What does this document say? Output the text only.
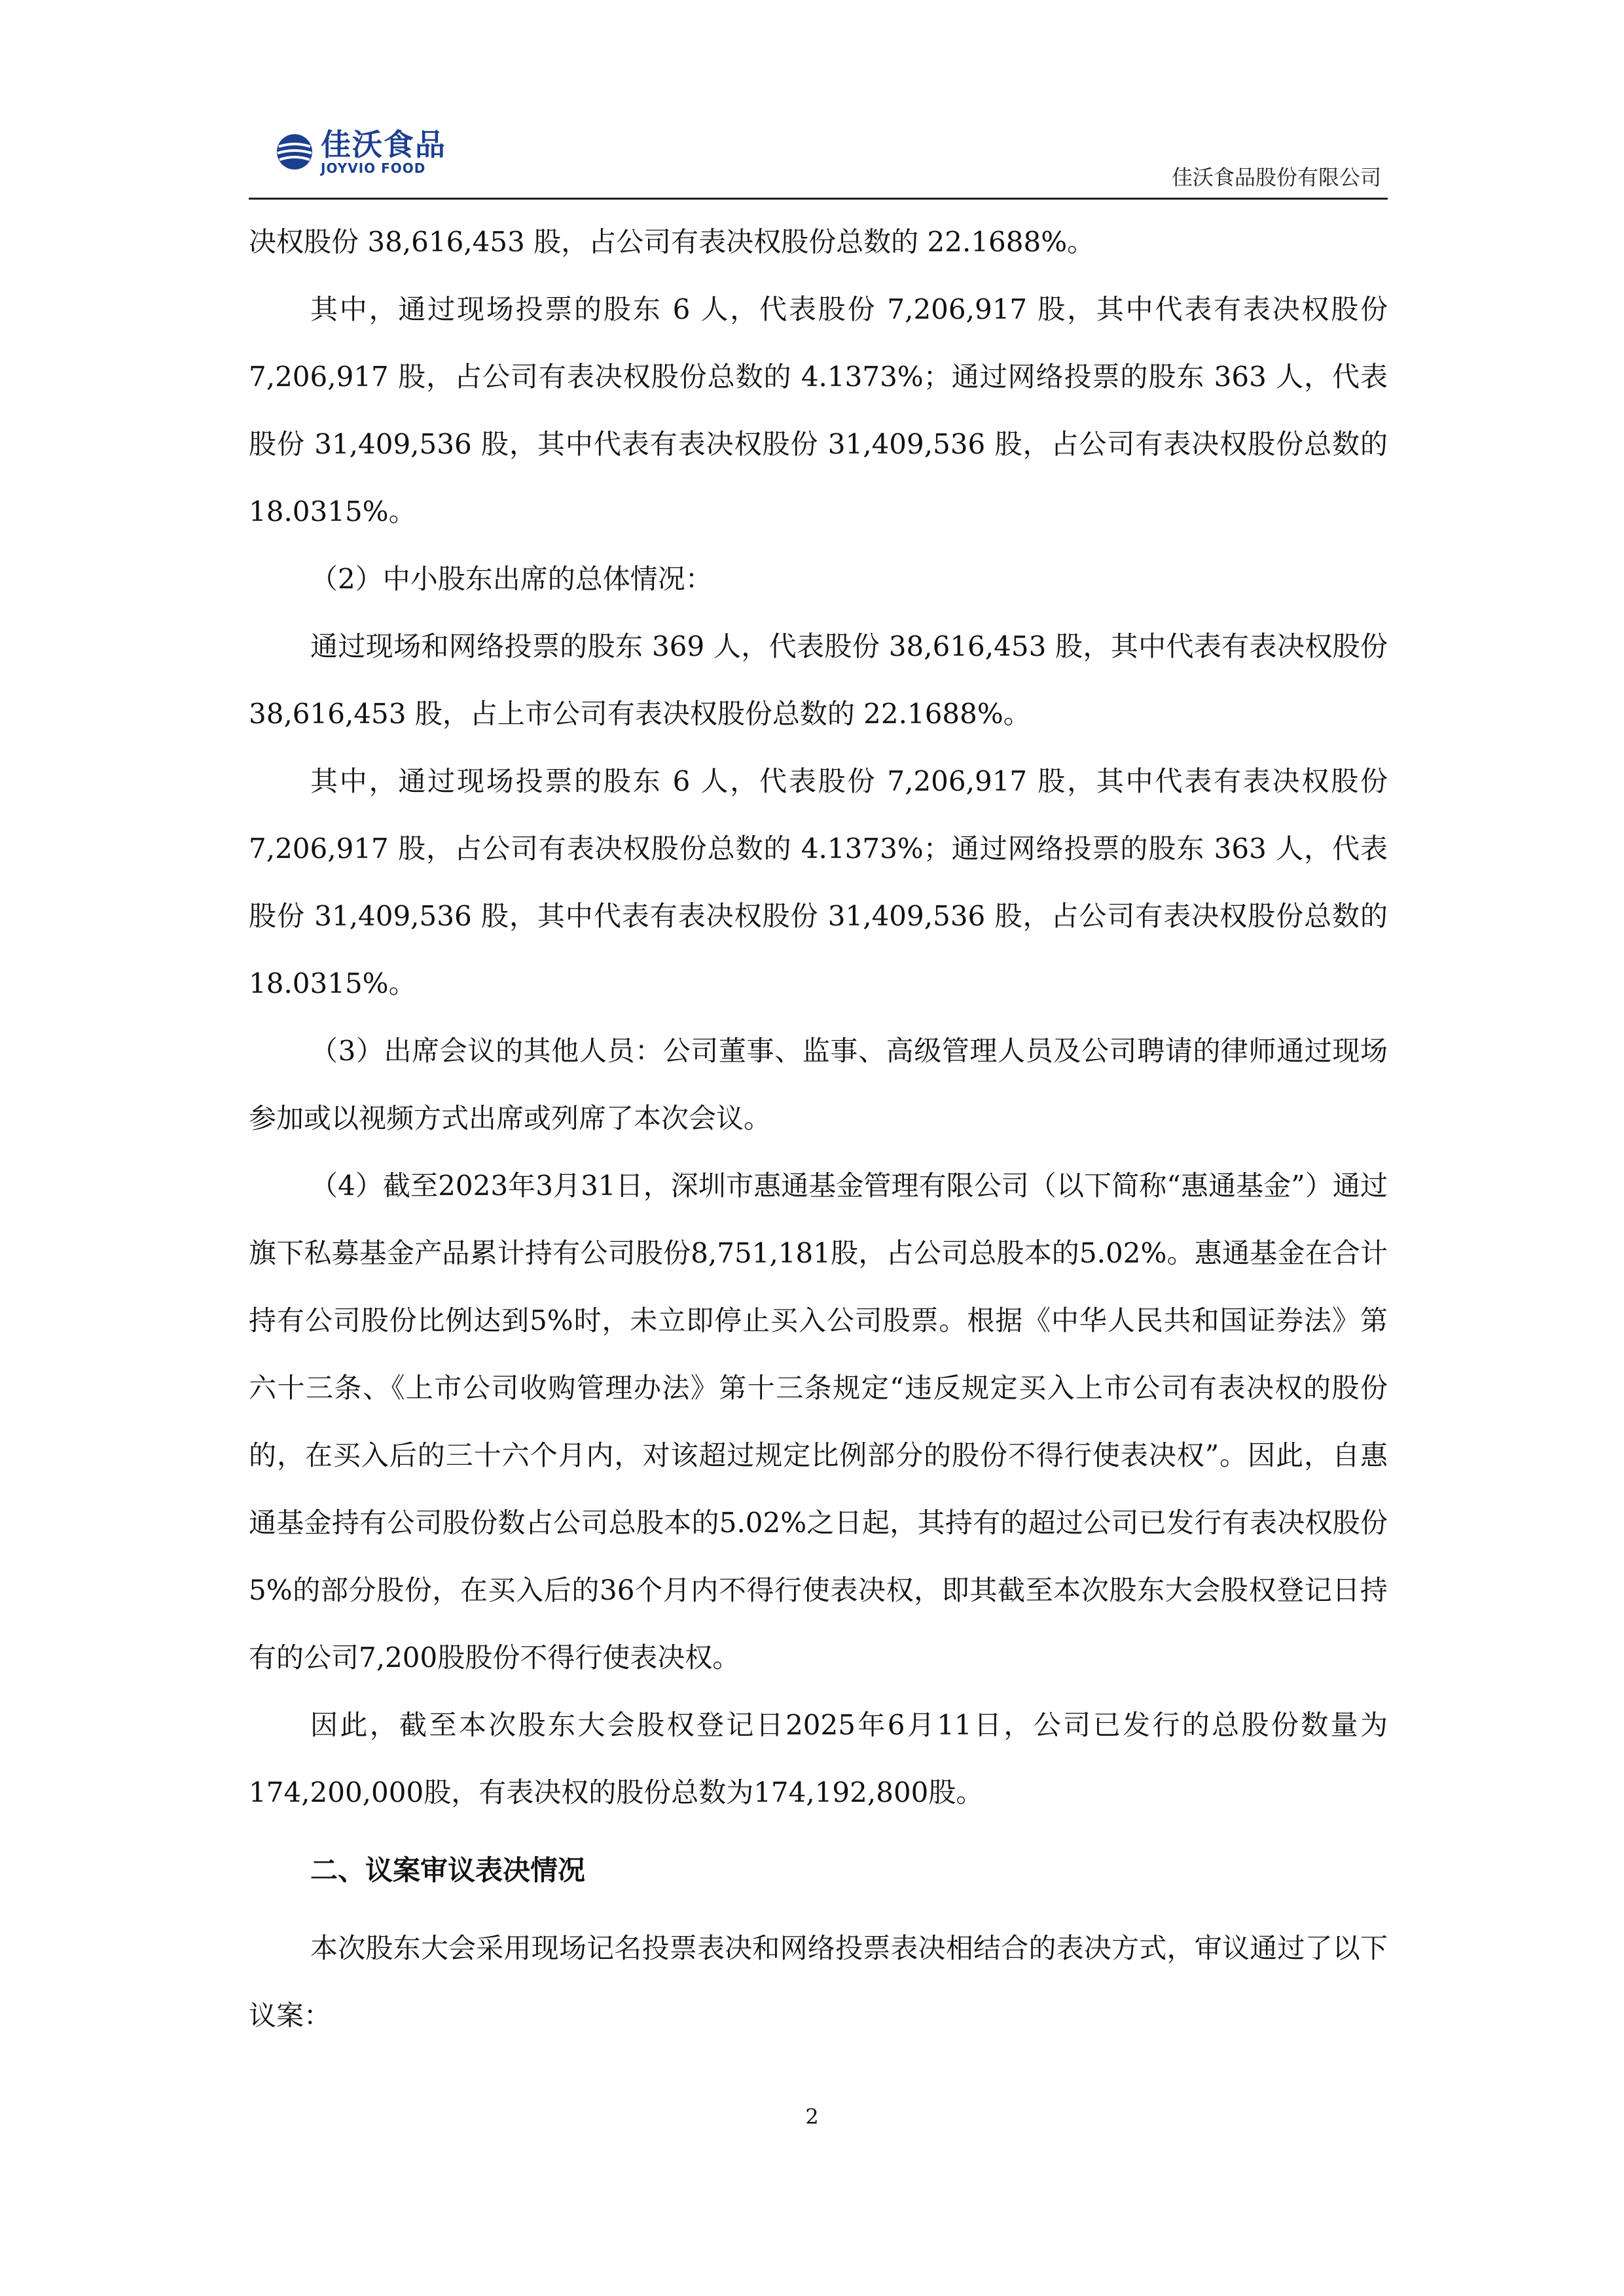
佳沃食品
JOYVIO FOOD	佳沃食品股份有限公司

决权股份 38,616,453 股，占公司有表决权股份总数的 22.1688%。

其中，通过现场投票的股东 6 人，代表股份 7,206,917 股，其中代表有表决权股份 7,206,917 股，占公司有表决权股份总数的 4.1373%；通过网络投票的股东 363 人，代表股份 31,409,536 股，其中代表有表决权股份 31,409,536 股，占公司有表决权股份总数的 18.0315%。

（2）中小股东出席的总体情况：

通过现场和网络投票的股东 369 人，代表股份 38,616,453 股，其中代表有表决权股份 38,616,453 股，占上市公司有表决权股份总数的 22.1688%。

其中，通过现场投票的股东 6 人，代表股份 7,206,917 股，其中代表有表决权股份 7,206,917 股，占公司有表决权股份总数的 4.1373%；通过网络投票的股东 363 人，代表股份 31,409,536 股，其中代表有表决权股份 31,409,536 股，占公司有表决权股份总数的 18.0315%。

（3）出席会议的其他人员：公司董事、监事、高级管理人员及公司聘请的律师通过现场参加或以视频方式出席或列席了本次会议。

（4）截至2023年3月31日，深圳市惠通基金管理有限公司（以下简称“惠通基金”）通过旗下私募基金产品累计持有公司股份8,751,181股，占公司总股本的5.02%。惠通基金在合计持有公司股份比例达到5%时，未立即停止买入公司股票。根据《中华人民共和国证券法》第六十三条、《上市公司收购管理办法》第十三条规定“违反规定买入上市公司有表决权的股份的，在买入后的三十六个月内，对该超过规定比例部分的股份不得行使表决权”。因此，自惠通基金持有公司股份数占公司总股本的5.02%之日起，其持有的超过公司已发行有表决权股份5%的部分股份，在买入后的36个月内不得行使表决权，即其截至本次股东大会股权登记日持有的公司7,200股股份不得行使表决权。

因此，截至本次股东大会股权登记日2025年6月11日，公司已发行的总股份数量为174,200,000股，有表决权的股份总数为174,192,800股。

二、议案审议表决情况

本次股东大会采用现场记名投票表决和网络投票表决相结合的表决方式，审议通过了以下议案：

2
